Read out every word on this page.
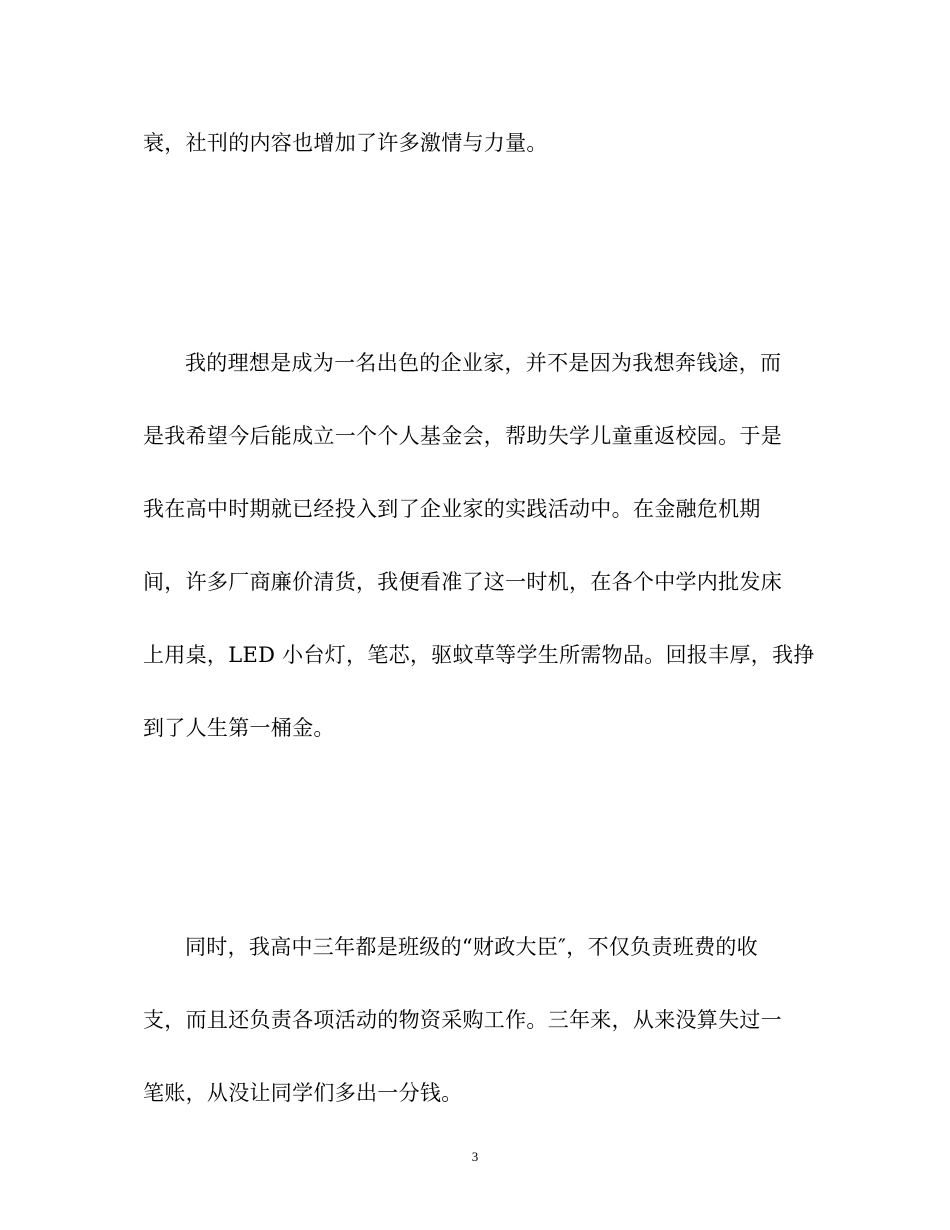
衰，社刊的内容也增加了许多激情与力量。
我的理想是成为一名出色的企业家，并不是因为我想奔钱途，而
是我希望今后能成立一个个人基金会，帮助失学儿童重返校园。于是
我在高中时期就已经投入到了企业家的实践活动中。在金融危机期
间，许多厂商廉价清货，我便看准了这一时机，在各个中学内批发床
上用桌，LED 小台灯，笔芯，驱蚊草等学生所需物品。回报丰厚，我挣
到了人生第一桶金。
同时，我高中三年都是班级的“财政大臣″，不仅负责班费的收
支，而且还负责各项活动的物资采购工作。三年来，从来没算失过一
笔账，从没让同学们多出一分钱。
3
